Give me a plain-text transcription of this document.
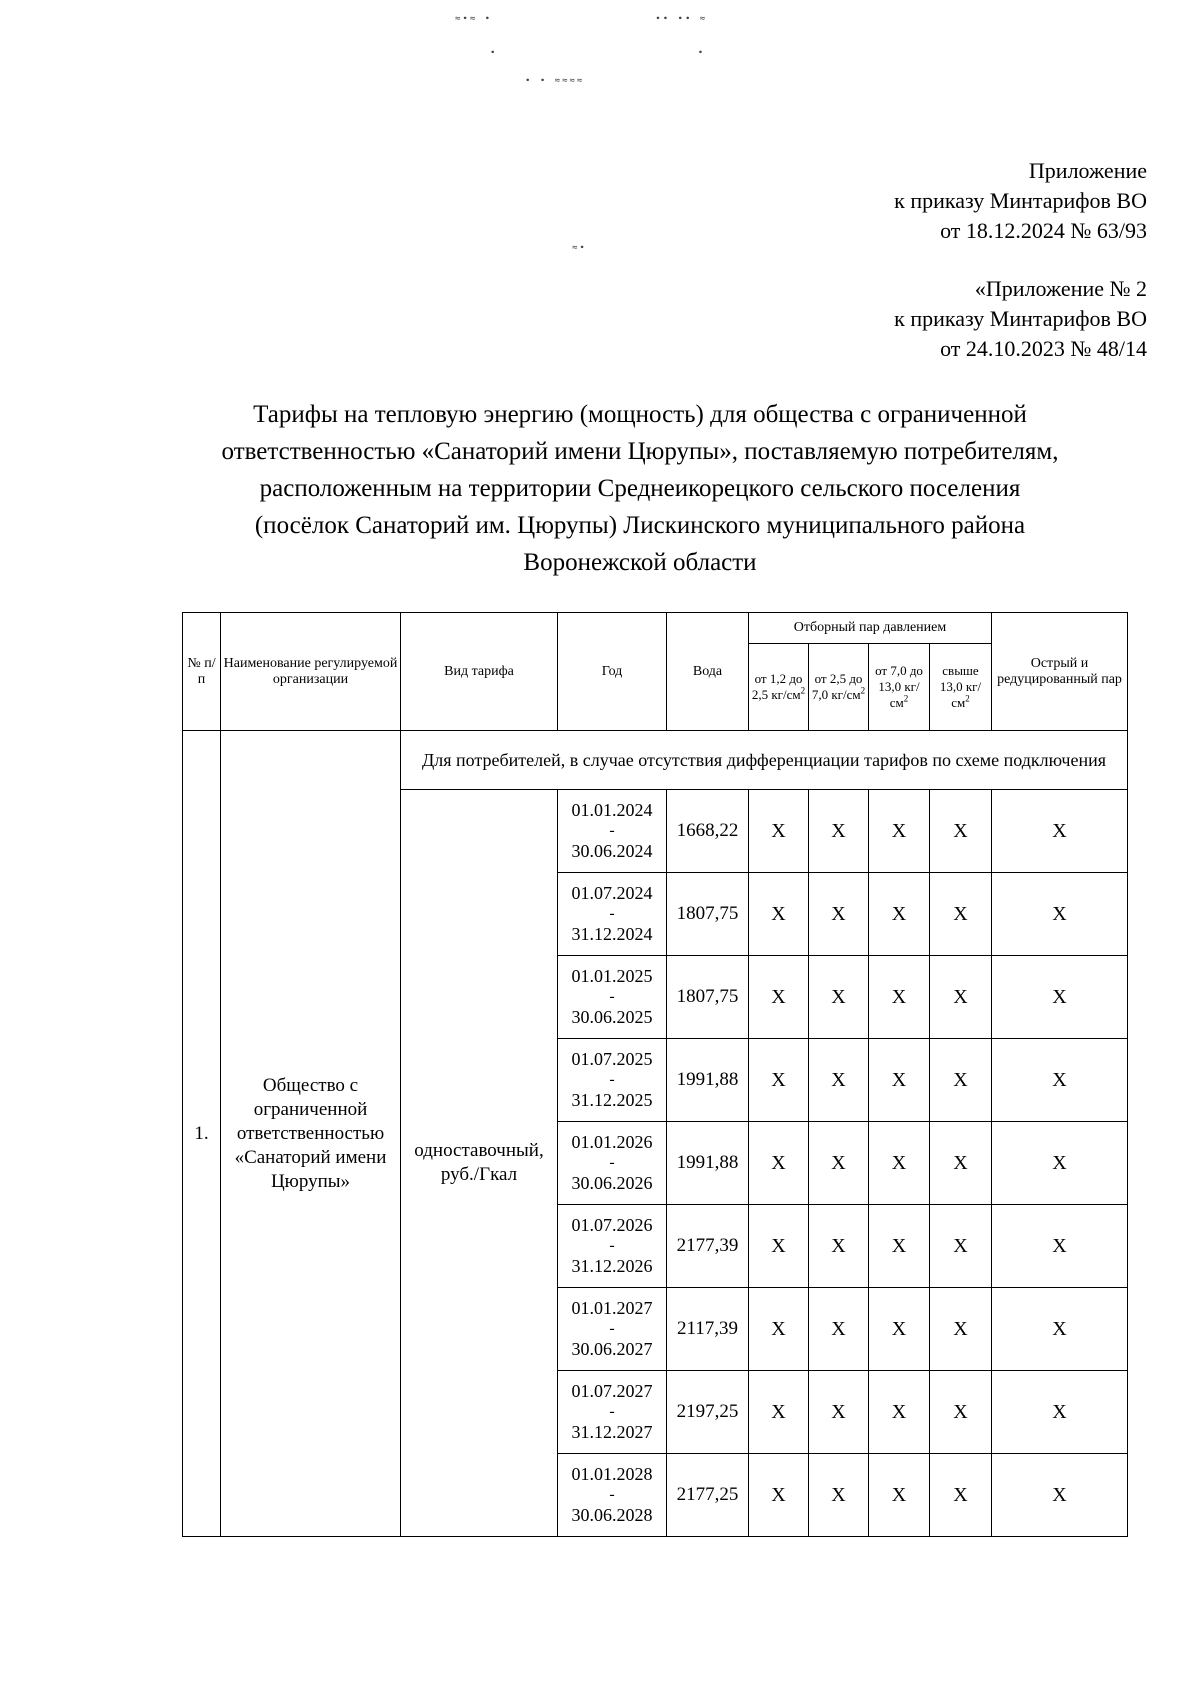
≈∙≈ ∙                      ∙∙ ∙∙ ≈
∙                           ∙
∙ ∙ ≈≈≈≈
≈∙
Приложение
к приказу Минтарифов ВО
от 18.12.2024 № 63/93
«Приложение № 2
к приказу Минтарифов ВО
от 24.10.2023 № 48/14
Тарифы на тепловую энергию (мощность) для общества с ограниченной
ответственностью «Санаторий имени Цюрупы», поставляемую потребителям,
расположенным на территории Среднеикорецкого сельского поселения
(посёлок Санаторий им. Цюрупы) Лискинского муниципального района
Воронежской области
№ п/п	Наименование регулируемой организации	Вид тарифа	Год	Вода	Отборный пар давлением				Острый и редуцированный пар
					от 1,2 до 2,5 $кг/см^2$	от 2,5 до 7,0 $кг/см^2$	от 7,0 до 13,0 $кг/см^2$	свыше 13,0 $кг/см^2$
1.	Общество с ограниченной ответственностью «Санаторий имени Цюрупы»	Для потребителей, в случае отсутствия дифференциации тарифов по схеме подключения							
		одноставочный, руб./Гкал	01.01.2024
-
30.06.2024	1668,22	X	X	X	X	X
			01.07.2024
-
31.12.2024	1807,75	X	X	X	X	X
			01.01.2025
-
30.06.2025	1807,75	X	X	X	X	X
			01.07.2025
-
31.12.2025	1991,88	X	X	X	X	X
			01.01.2026
-
30.06.2026	1991,88	X	X	X	X	X
			01.07.2026
-
31.12.2026	2177,39	X	X	X	X	X
			01.01.2027
-
30.06.2027	2117,39	X	X	X	X	X
			01.07.2027
-
31.12.2027	2197,25	X	X	X	X	X
			01.01.2028
-
30.06.2028	2177,25	X	X	X	X	X
